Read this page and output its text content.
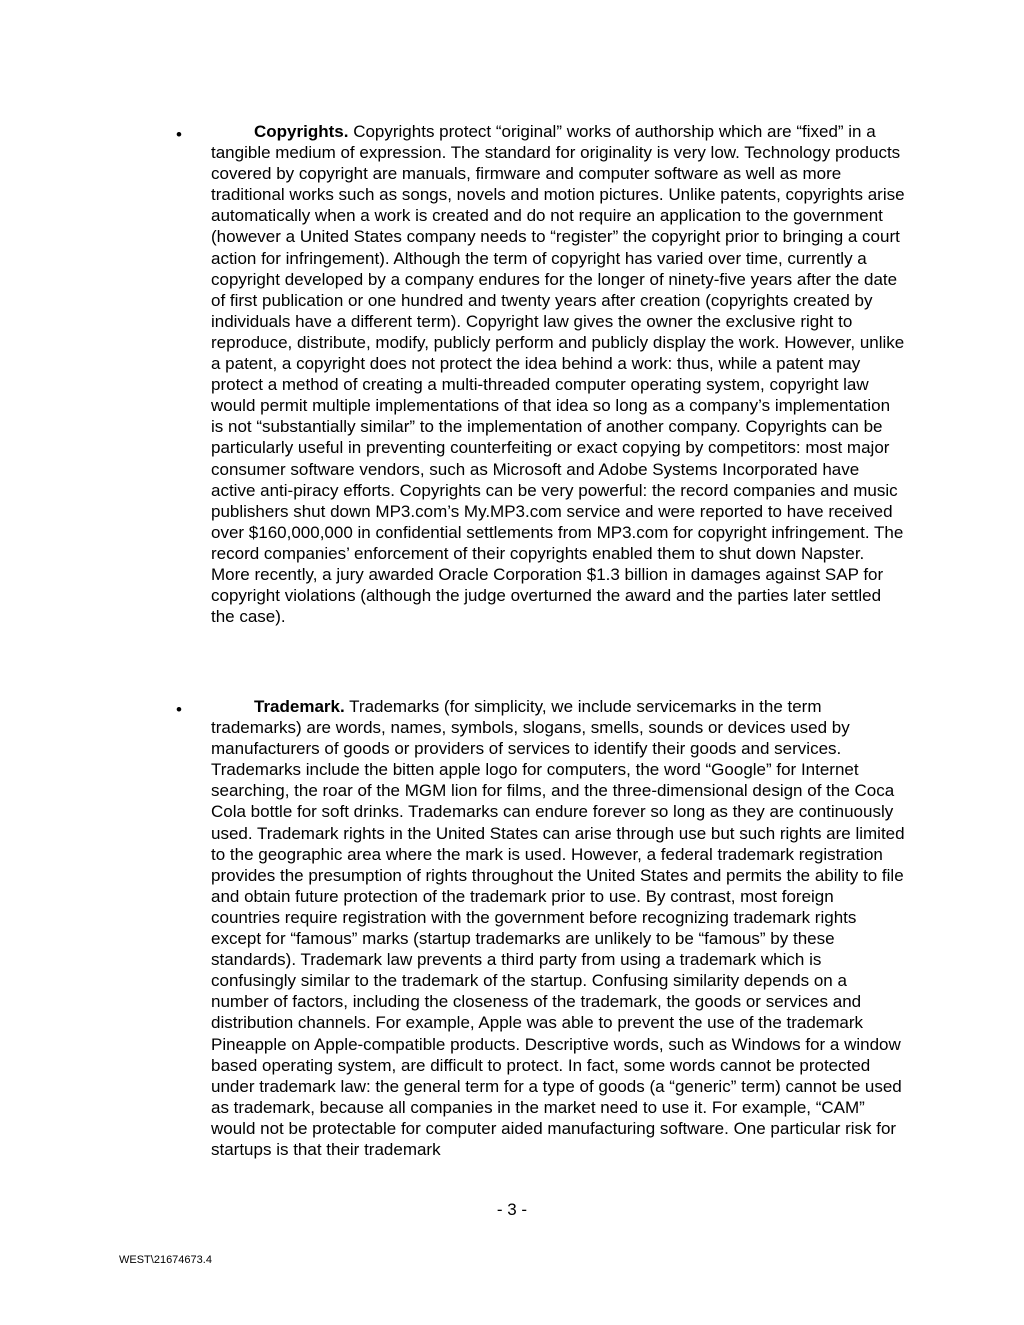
•	Copyrights. Copyrights protect “original” works of authorship which are “fixed” in a tangible medium of expression. The standard for originality is very low. Technology products covered by copyright are manuals, firmware and computer software as well as more traditional works such as songs, novels and motion pictures. Unlike patents, copyrights arise automatically when a work is created and do not require an application to the government (however a United States company needs to “register” the copyright prior to bringing a court action for infringement). Although the term of copyright has varied over time, currently a copyright developed by a company endures for the longer of ninety-five years after the date of first publication or one hundred and twenty years after creation (copyrights created by individuals have a different term). Copyright law gives the owner the exclusive right to reproduce, distribute, modify, publicly perform and publicly display the work. However, unlike a patent, a copyright does not protect the idea behind a work: thus, while a patent may protect a method of creating a multi-threaded computer operating system, copyright law would permit multiple implementations of that idea so long as a company’s implementation is not “substantially similar” to the implementation of another company. Copyrights can be particularly useful in preventing counterfeiting or exact copying by competitors: most major consumer software vendors, such as Microsoft and Adobe Systems Incorporated have active anti-piracy efforts. Copyrights can be very powerful: the record companies and music publishers shut down MP3.com’s My.MP3.com service and were reported to have received over $160,000,000 in confidential settlements from MP3.com for copyright infringement. The record companies’ enforcement of their copyrights enabled them to shut down Napster. More recently, a jury awarded Oracle Corporation $1.3 billion in damages against SAP for copyright violations (although the judge overturned the award and the parties later settled the case).

•	Trademark. Trademarks (for simplicity, we include servicemarks in the term trademarks) are words, names, symbols, slogans, smells, sounds or devices used by manufacturers of goods or providers of services to identify their goods and services. Trademarks include the bitten apple logo for computers, the word “Google” for Internet searching, the roar of the MGM lion for films, and the three-dimensional design of the Coca Cola bottle for soft drinks. Trademarks can endure forever so long as they are continuously used. Trademark rights in the United States can arise through use but such rights are limited to the geographic area where the mark is used. However, a federal trademark registration provides the presumption of rights throughout the United States and permits the ability to file and obtain future protection of the trademark prior to use. By contrast, most foreign countries require registration with the government before recognizing trademark rights except for “famous” marks (startup trademarks are unlikely to be “famous” by these standards). Trademark law prevents a third party from using a trademark which is confusingly similar to the trademark of the startup. Confusing similarity depends on a number of factors, including the closeness of the trademark, the goods or services and distribution channels. For example, Apple was able to prevent the use of the trademark Pineapple on Apple-compatible products. Descriptive words, such as Windows for a window based operating system, are difficult to protect. In fact, some words cannot be protected under trademark law: the general term for a type of goods (a “generic” term) cannot be used as trademark, because all companies in the market need to use it. For example, “CAM” would not be protectable for computer aided manufacturing software. One particular risk for startups is that their trademark

- 3 -
WEST\21674673.4
